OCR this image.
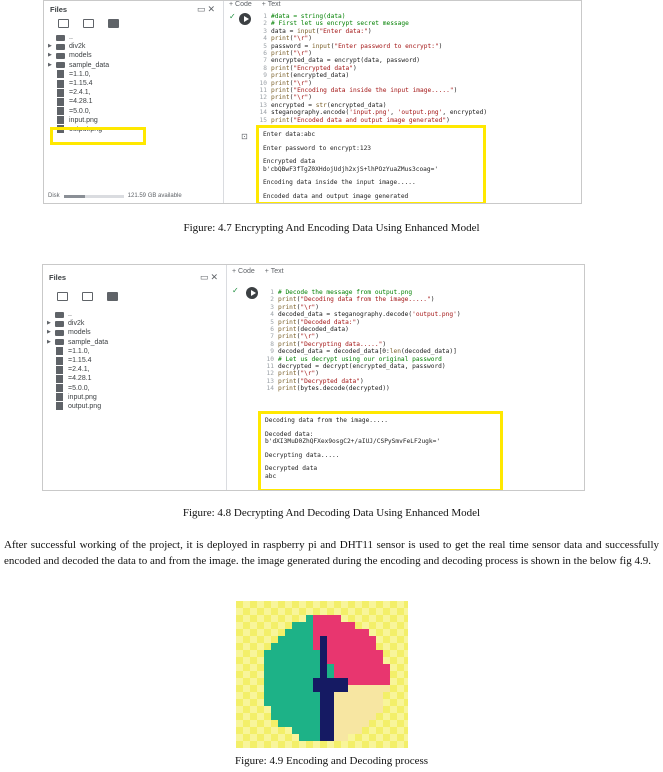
Files	▭✕
..
▶	div2k
▶	models
▶	sample_data
=1.1.0,
=1.15.4
=2.4.1,
=4.28.1
=5.0.0,
input.png
output.png
Disk	121.59 GB available
+ Code + Text
✓	1 #data = string(data)
2 # First let us encrypt secret message
3 data = input("Enter data:")
4 print("\r")
5 password = input("Enter password to encrypt:")
6 print("\r")
7 encrypted_data = encrypt(data, password)
8 print("Encrypted data")
9 print(encrypted_data)
10 print("\r")
11 print("Encoding data inside the input image.....")
12 print("\r")
13 encrypted = str(encrypted_data)
14 steganography.encode('input.png', 'output.png', encrypted)
15 print("Encoded data and output image generated")
⊡ Enter data:abc
Enter password to encrypt:123
Encrypted data
b'cbQBwF3fTgZ0XHdojUdjh2xjS+lhPOzYuaZMus3coag='
Encoding data inside the input image.....
Encoded data and output image generated
Figure: 4.7 Encrypting And Encoding Data Using Enhanced Model
Files	▭✕
..
▶	div2k
▶	models
▶	sample_data
=1.1.0,
=1.15.4
=2.4.1,
=4.28.1
=5.0.0,
input.png
output.png
+ Code + Text
✓	1 # Decode the message from output.png
2 print("Decoding data from the image.....")
3 print("\r")
4 decoded_data = steganography.decode('output.png')
5 print("Decoded data:")
6 print(decoded_data)
7 print("\r")
8 print("Decrypting data.....")
9 decoded_data = decoded_data[0:len(decoded_data)]
10 # Let us decrypt using our original password
11 decrypted = decrypt(encrypted_data, password)
12 print("\r")
13 print("Decrypted data")
14 print(bytes.decode(decrypted))
Decoding data from the image.....
Decoded data:
b'dXI3MuD0ZhQFXex9osgC2+/aIUJ/CSPySmvFeLF2ugk='
Decrypting data.....
Decrypted data
abc
Figure: 4.8 Decrypting And Decoding Data Using Enhanced Model
After successful working of the project, it is deployed in raspberry pi and DHT11 sensor is used to get the real time sensor data and successfully encoded and decoded the data to and from the image. the image generated during the encoding and decoding process is shown in the below fig 4.9.
Figure: 4.9 Encoding and Decoding process
